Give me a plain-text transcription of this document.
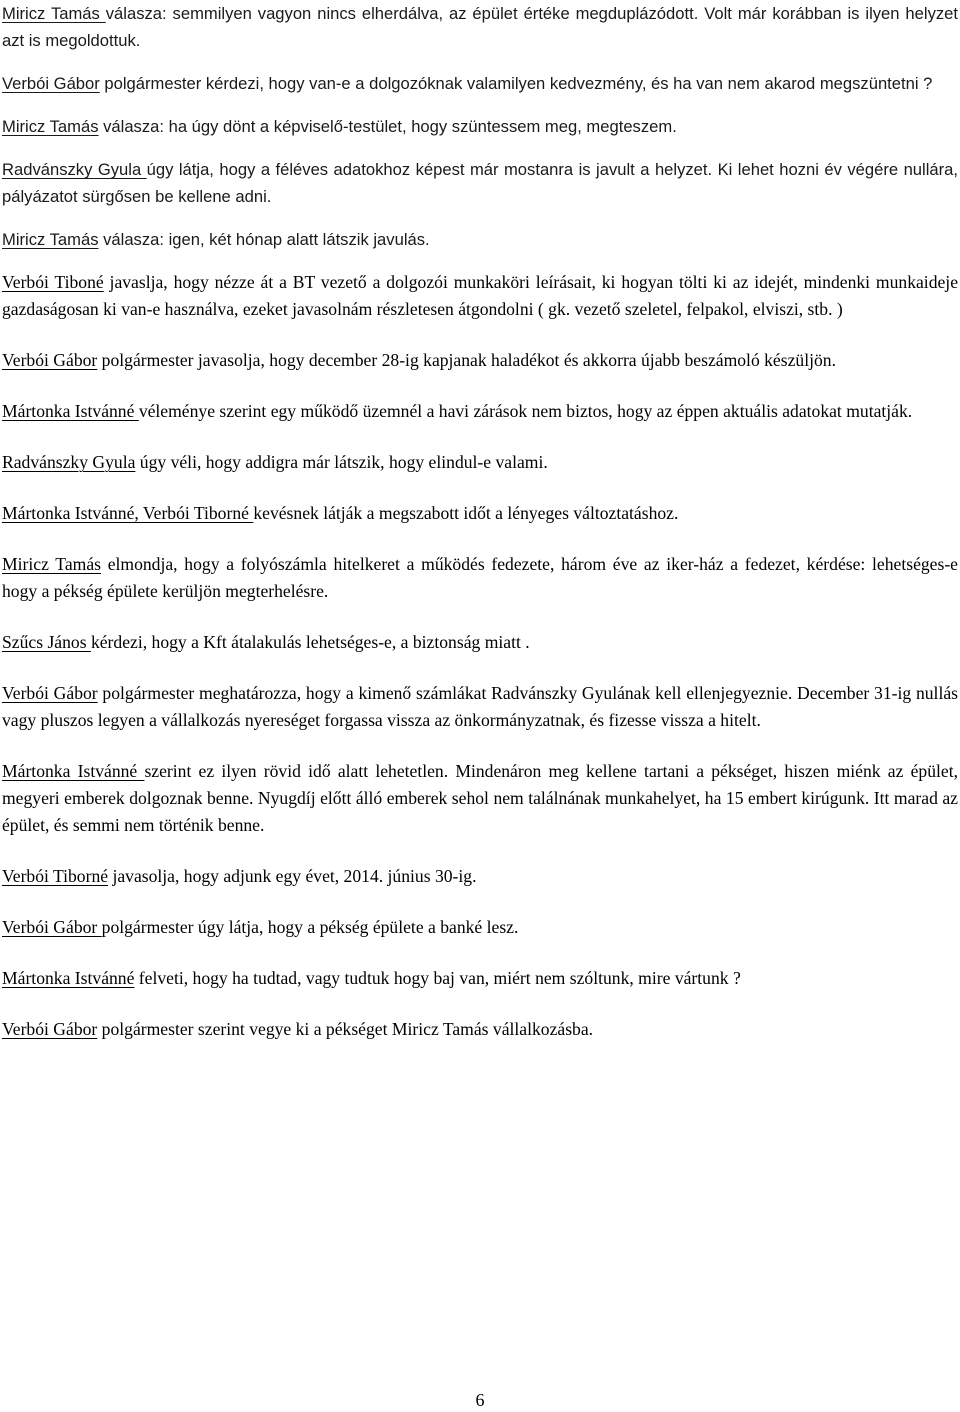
Miricz Tamás válasza: semmilyen vagyon nincs elherdálva, az épület értéke megduplázódott. Volt már korábban is ilyen helyzet azt is megoldottuk.

Verbói Gábor polgármester kérdezi, hogy van-e a dolgozóknak valamilyen kedvezmény, és ha van nem akarod megszüntetni ?

Miricz Tamás válasza: ha úgy dönt a képviselő-testület, hogy szüntessem meg, megteszem.

Radvánszky Gyula úgy látja, hogy a féléves adatokhoz képest már mostanra is javult a helyzet. Ki lehet hozni év végére nullára, pályázatot sürgősen be kellene adni.

Miricz Tamás válasza: igen, két hónap alatt látszik javulás.

Verbói Tiboné javaslja, hogy nézze át a BT vezető a dolgozói munkaköri leírásait, ki hogyan tölti ki az idejét, mindenki munkaideje gazdaságosan ki van-e használva, ezeket javasolnám részletesen átgondolni ( gk. vezető szeletel, felpakol, elviszi, stb. )

Verbói Gábor polgármester javasolja, hogy december 28-ig kapjanak haladékot és akkorra újabb beszámoló készüljön.

Mártonka Istvánné véleménye szerint egy működő üzemnél a havi zárások nem biztos, hogy az éppen aktuális adatokat mutatják.

Radvánszky Gyula úgy véli, hogy addigra már látszik, hogy elindul-e valami.

Mártonka Istvánné, Verbói Tiborné kevésnek látják a megszabott időt a lényeges változtatáshoz.

Miricz Tamás elmondja, hogy a folyószámla hitelkeret a működés fedezete, három éve az iker-ház a fedezet, kérdése: lehetséges-e hogy a pékség épülete kerüljön megterhelésre.

Szűcs János kérdezi, hogy a Kft átalakulás lehetséges-e, a biztonság miatt .

Verbói Gábor polgármester meghatározza, hogy a kimenő számlákat Radvánszky Gyulának kell ellenjegyeznie. December 31-ig nullás vagy pluszos legyen a vállalkozás nyereséget forgassa vissza az önkormányzatnak, és fizesse vissza a hitelt.

Mártonka Istvánné szerint ez ilyen rövid idő alatt lehetetlen. Mindenáron meg kellene tartani a pékséget, hiszen miénk az épület, megyeri emberek dolgoznak benne. Nyugdíj előtt álló emberek sehol nem találnának munkahelyet, ha 15 embert kirúgunk. Itt marad az épület, és semmi nem történik benne.

Verbói Tiborné javasolja, hogy adjunk egy évet, 2014. június 30-ig.

Verbói Gábor polgármester úgy látja, hogy a pékség épülete a banké lesz.

Mártonka Istvánné felveti, hogy ha tudtad, vagy tudtuk hogy baj van, miért nem szóltunk, mire vártunk ?

Verbói Gábor polgármester szerint vegye ki a pékséget Miricz Tamás vállalkozásba.

6
